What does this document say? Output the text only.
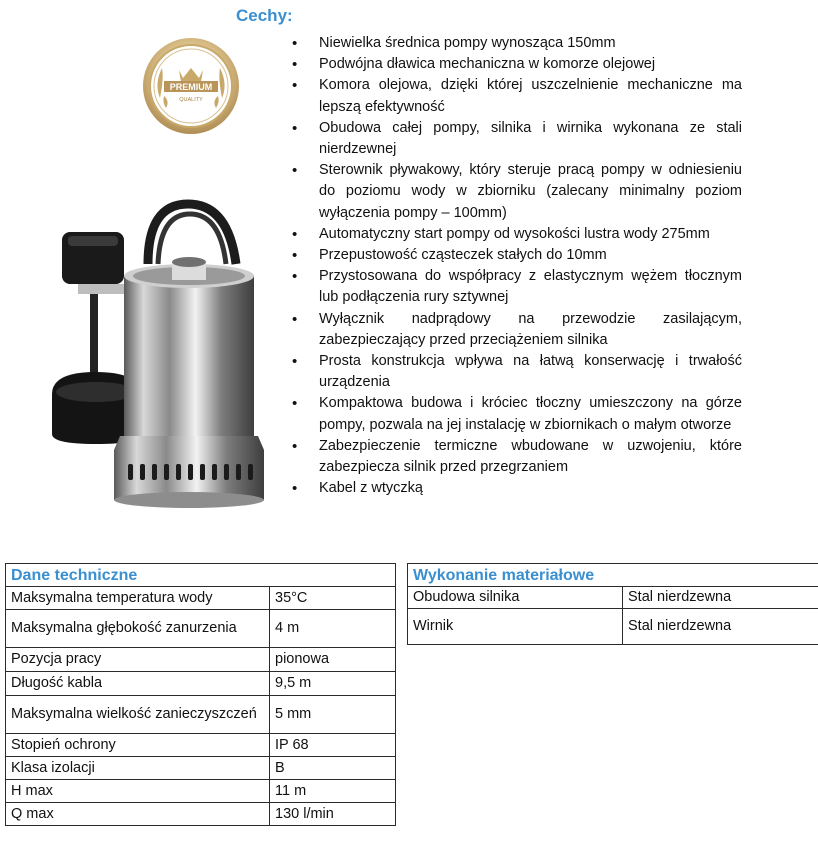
Cechy:
PREMIUM
QUALITY
• Niewielka średnica pompy wynosząca 150mm
• Podwójna dławica mechaniczna w komorze olejowej
• Komora olejowa, dzięki której uszczelnienie mechaniczne ma lepszą efektywność
• Obudowa całej pompy, silnika i wirnika wykonana ze stali nierdzewnej
• Sterownik pływakowy, który steruje pracą pompy w odniesieniu do poziomu wody w zbiorniku (zalecany minimalny poziom wyłączenia pompy – 100mm)
• Automatyczny start pompy od wysokości lustra wody 275mm
• Przepustowość cząsteczek stałych do 10mm
• Przystosowana do współpracy z elastycznym wężem tłocznym lub podłączenia rury sztywnej
• Wyłącznik nadprądowy na przewodzie zasilającym, zabezpieczający przed przeciążeniem silnika
• Prosta konstrukcja wpływa na łatwą konserwację i trwałość urządzenia
• Kompaktowa budowa i króciec tłoczny umieszczony na górze pompy, pozwala na jej instalację w zbiornikach o małym otworze
• Zabezpieczenie termiczne wbudowane w uzwojeniu, które zabezpiecza silnik przed przegrzaniem
• Kabel z wtyczką
Dane techniczne	
Maksymalna temperatura wody	35°C
Maksymalna głębokość zanurzenia	4 m
Pozycja pracy	pionowa
Długość kabla	9,5 m
Maksymalna wielkość zanieczyszczeń	5 mm
Stopień ochrony	IP 68
Klasa izolacji	B
H max	11 m
Q max	130 l/min
Wykonanie materiałowe	
Obudowa silnika	Stal nierdzewna
Wirnik	Stal nierdzewna
